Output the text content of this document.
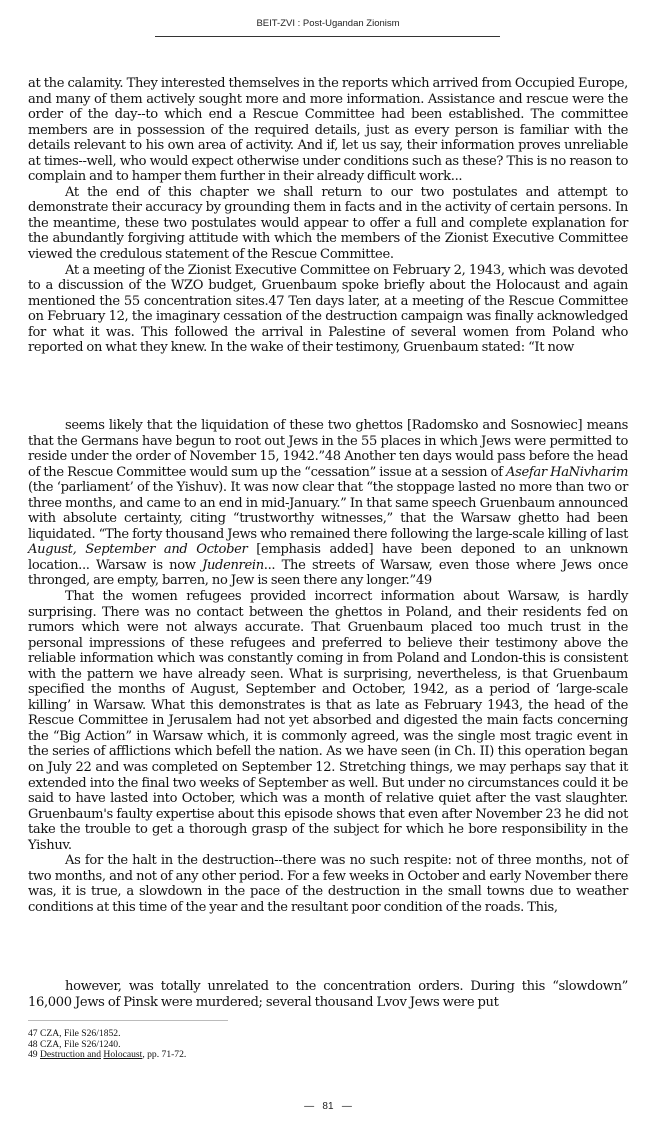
BEIT-ZVI : Post-Ugandan Zionism

at the calamity. They interested themselves in the reports which arrived from Occupied Europe, and many of them actively sought more and more information. Assistance and rescue were the order of the day--to which end a Rescue Committee had been established. The committee members are in possession of the required details, just as every person is familiar with the details relevant to his own area of activity. And if, let us say, their information proves unreliable at times--well, who would expect otherwise under conditions such as these? This is no reason to complain and to hamper them further in their already difficult work...

At the end of this chapter we shall return to our two postulates and attempt to demonstrate their accuracy by grounding them in facts and in the activity of certain persons. In the meantime, these two postulates would appear to offer a full and complete explanation for the abundantly forgiving attitude with which the members of the Zionist Executive Committee viewed the credulous statement of the Rescue Committee.

At a meeting of the Zionist Executive Committee on February 2, 1943, which was devoted to a discussion of the WZO budget, Gruenbaum spoke briefly about the Holocaust and again mentioned the 55 concentration sites.47 Ten days later, at a meeting of the Rescue Committee on February 12, the imaginary cessation of the destruction campaign was finally acknowledged for what it was. This followed the arrival in Palestine of several women from Poland who reported on what they knew. In the wake of their testimony, Gruenbaum stated: “It now

seems likely that the liquidation of these two ghettos [Radomsko and Sosnowiec] means that the Germans have begun to root out Jews in the 55 places in which Jews were permitted to reside under the order of November 15, 1942.”48 Another ten days would pass before the head of the Rescue Committee would sum up the “cessation” issue at a session of Asefar HaNivharim (the ‘parliament’ of the Yishuv). It was now clear that “the stoppage lasted no more than two or three months, and came to an end in mid-January.” In that same speech Gruenbaum announced with absolute certainty, citing “trustworthy witnesses,” that the Warsaw ghetto had been liquidated. “The forty thousand Jews who remained there following the large-scale killing of last August, September and October [emphasis added] have been deponed to an unknown location... Warsaw is now Judenrein... The streets of Warsaw, even those where Jews once thronged, are empty, barren, no Jew is seen there any longer.”49

That the women refugees provided incorrect information about Warsaw, is hardly surprising. There was no contact between the ghettos in Poland, and their residents fed on rumors which were not always accurate. That Gruenbaum placed too much trust in the personal impressions of these refugees and preferred to believe their testimony above the reliable information which was constantly coming in from Poland and London-this is consistent with the pattern we have already seen. What is surprising, nevertheless, is that Gruenbaum specified the months of August, September and October, 1942, as a period of ‘large-scale killing’ in Warsaw. What this demonstrates is that as late as February 1943, the head of the Rescue Committee in Jerusalem had not yet absorbed and digested the main facts concerning the “Big Action” in Warsaw which, it is commonly agreed, was the single most tragic event in the series of afflictions which befell the nation. As we have seen (in Ch. II) this operation began on July 22 and was completed on September 12. Stretching things, we may perhaps say that it extended into the final two weeks of September as well. But under no circumstances could it be said to have lasted into October, which was a month of relative quiet after the vast slaughter. Gruenbaum's faulty expertise about this episode shows that even after November 23 he did not take the trouble to get a thorough grasp of the subject for which he bore responsibility in the Yishuv.

As for the halt in the destruction--there was no such respite: not of three months, not of two months, and not of any other period. For a few weeks in October and early November there was, it is true, a slowdown in the pace of the destruction in the small towns due to weather conditions at this time of the year and the resultant poor condition of the roads. This,

however, was totally unrelated to the concentration orders. During this “slowdown” 16,000 Jews of Pinsk were murdered; several thousand Lvov Jews were put

47 CZA, File S26/1852.
48 CZA, File S26/1240.
49 Destruction and Holocaust, pp. 71-72.
—   81   —
